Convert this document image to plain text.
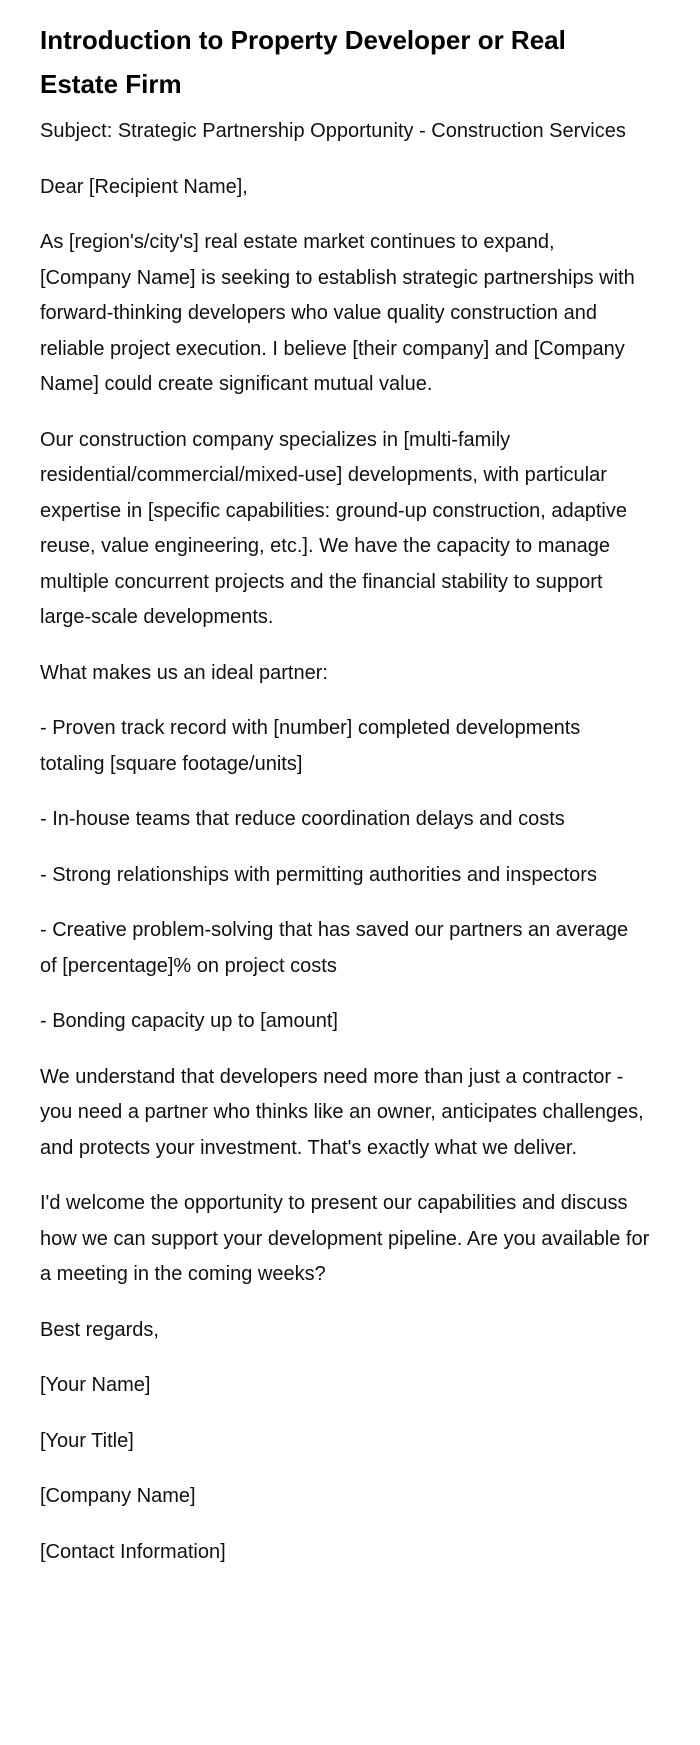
Introduction to Property Developer or Real Estate Firm

Subject: Strategic Partnership Opportunity - Construction Services

Dear [Recipient Name],

As [region's/city's] real estate market continues to expand, [Company Name] is seeking to establish strategic partnerships with forward-thinking developers who value quality construction and reliable project execution. I believe [their company] and [Company Name] could create significant mutual value.

Our construction company specializes in [multi-family residential/commercial/mixed-use] developments, with particular expertise in [specific capabilities: ground-up construction, adaptive reuse, value engineering, etc.]. We have the capacity to manage multiple concurrent projects and the financial stability to support large-scale developments.

What makes us an ideal partner:

- Proven track record with [number] completed developments totaling [square footage/units]

- In-house teams that reduce coordination delays and costs

- Strong relationships with permitting authorities and inspectors

- Creative problem-solving that has saved our partners an average of [percentage]% on project costs

- Bonding capacity up to [amount]

We understand that developers need more than just a contractor - you need a partner who thinks like an owner, anticipates challenges, and protects your investment. That's exactly what we deliver.

I'd welcome the opportunity to present our capabilities and discuss how we can support your development pipeline. Are you available for a meeting in the coming weeks?

Best regards,

[Your Name]

[Your Title]

[Company Name]

[Contact Information]
